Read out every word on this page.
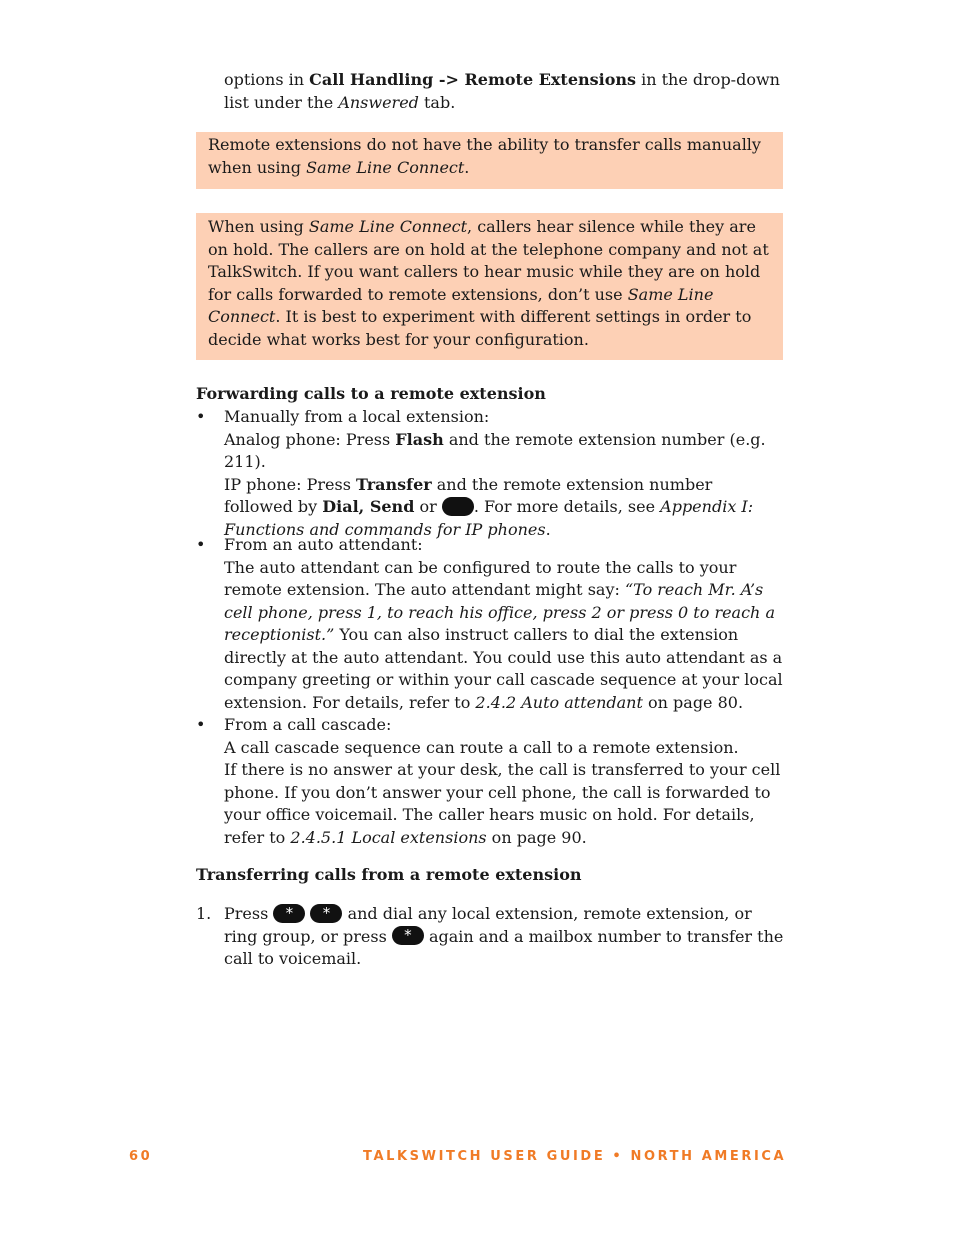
options in Call Handling -> Remote Extensions in the drop-down list under the Answered tab.

Remote extensions do not have the ability to transfer calls manually when using Same Line Connect.

When using Same Line Connect, callers hear silence while they are on hold. The callers are on hold at the telephone company and not at TalkSwitch. If you want callers to hear music while they are on hold for calls forwarded to remote extensions, don’t use Same Line Connect. It is best to experiment with different settings in order to decide what works best for your configuration.

Forwarding calls to a remote extension
• Manually from a local extension:

Analog phone: Press Flash and the remote extension number (e.g. 211).

IP phone: Press Transfer and the remote extension number followed by Dial, Send or . For more details, see Appendix I: Functions and commands for IP phones.

• From an auto attendant:

The auto attendant can be configured to route the calls to your remote extension. The auto attendant might say: “To reach Mr. A’s cell phone, press 1, to reach his office, press 2 or press 0 to reach a receptionist.” You can also instruct callers to dial the extension directly at the auto attendant. You could use this auto attendant as a company greeting or within your call cascade sequence at your local extension. For details, refer to 2.4.2 Auto attendant on page 80.

• From a call cascade:

A call cascade sequence can route a call to a remote extension.

If there is no answer at your desk, the call is transferred to your cell phone. If you don’t answer your cell phone, the call is forwarded to your office voicemail. The caller hears music on hold. For details, refer to 2.4.5.1 Local extensions on page 90.

Transferring calls from a remote extension
1. Press * * and dial any local extension, remote extension, or ring group, or press * again and a mailbox number to transfer the call to voicemail.

60	TALKSWITCH USER GUIDE • NORTH AMERICA
